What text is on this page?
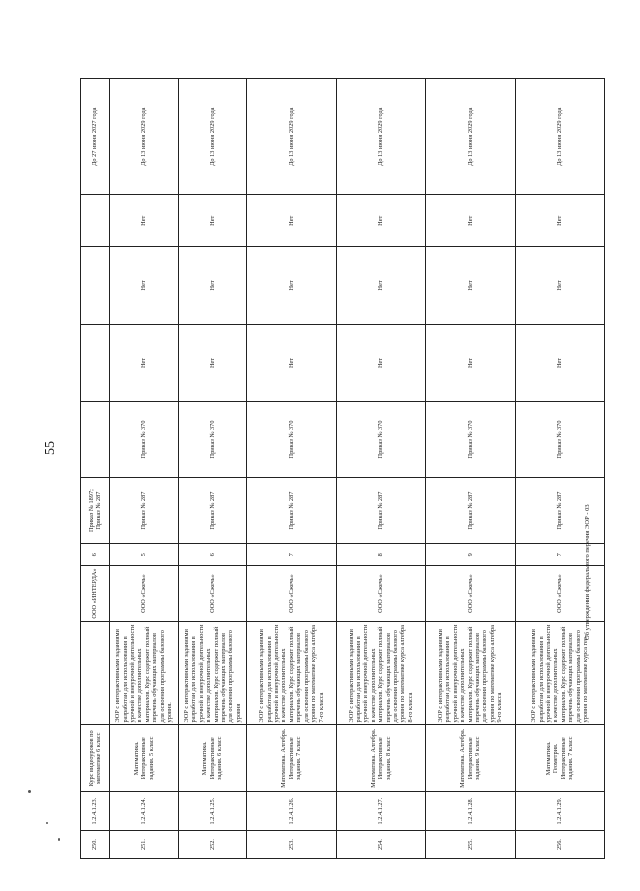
55
250.	1.2.4.1.23.	Курс видеоуроков по математике 6 класс		ООО «ИНТЕРДА»	6	Приказ № 1897; Приказ № 287					До 27 июня 2027 года
251.	1.2.4.1.24.	Математика. Интерактивные задания. 5 класс	ЭОР с интерактивными заданиями разработан для использования в урочной и внеурочной деятельности в качестве дополнительных материалов. Курс содержит полный перечень обучающих материалов для освоения программы базового уровня.	ООО «Сжечь»	5	Приказ № 287	Приказ № 370	Нет	Нет	Нет	До 13 июня 2029 года
252.	1.2.4.1.25.	Математика. Интерактивные задания. 6 класс	ЭОР с интерактивными заданиями разработан для использования в урочной и внеурочной деятельности в качестве дополнительных материалов. Курс содержит полный перечень обучающих материалов для освоения программы базового уровня	ООО «Сжечь»	6	Приказ № 287	Приказ № 370	Нет	Нет	Нет	До 13 июня 2029 года
253.	1.2.4.1.26.	Математика. Алгебра. Интерактивные задания. 7 класс	ЭОР с интерактивными заданиями разработан для использования в урочной и внеурочной деятельности в качестве дополнительных материалов. Курс содержит полный перечень обучающих материалов для освоения программы базового уровня по математике курса алгебра 7-го класса	ООО «Сжечь»	7	Приказ № 287	Приказ № 370	Нет	Нет	Нет	До 13 июня 2029 года
254.	1.2.4.1.27.	Математика. Алгебра. Интерактивные задания. 8 класс	ЭОР с интерактивными заданиями разработан для использования в урочной и внеурочной деятельности в качестве дополнительных материалов. Курс содержит полный перечень обучающих материалов для освоения программы базового уровня по математике курса алгебра 8-го класса	ООО «Сжечь»	8	Приказ № 287	Приказ № 370	Нет	Нет	Нет	До 13 июня 2029 года
255.	1.2.4.1.28.	Математика. Алгебра. Интерактивные задания. 9 класс	ЭОР с интерактивными заданиями разработан для использования в урочной и внеурочной деятельности в качестве дополнительных материалов. Курс содержит полный перечень обучающих материалов для освоения программы базового уровня по математике курса алгебра 9-го класса	ООО «Сжечь»	9	Приказ № 287	Приказ № 370	Нет	Нет	Нет	До 13 июня 2029 года
256.	1.2.4.1.29.	Математика. Геометрия. Интерактивные задания. 7 класс	ЭОР с интерактивными заданиями разработан для использования в урочной и внеурочной деятельности в качестве дополнительных материалов. Курс содержит полный перечень обучающих материалов для освоения программы базового уровня по математике курса гео-	ООО «Сжечь»	7	Приказ № 287	Приказ № 370	Нет	Нет	Нет	До 13 июня 2029 года
Об утверждении федерального перечня ЭОР - 03
